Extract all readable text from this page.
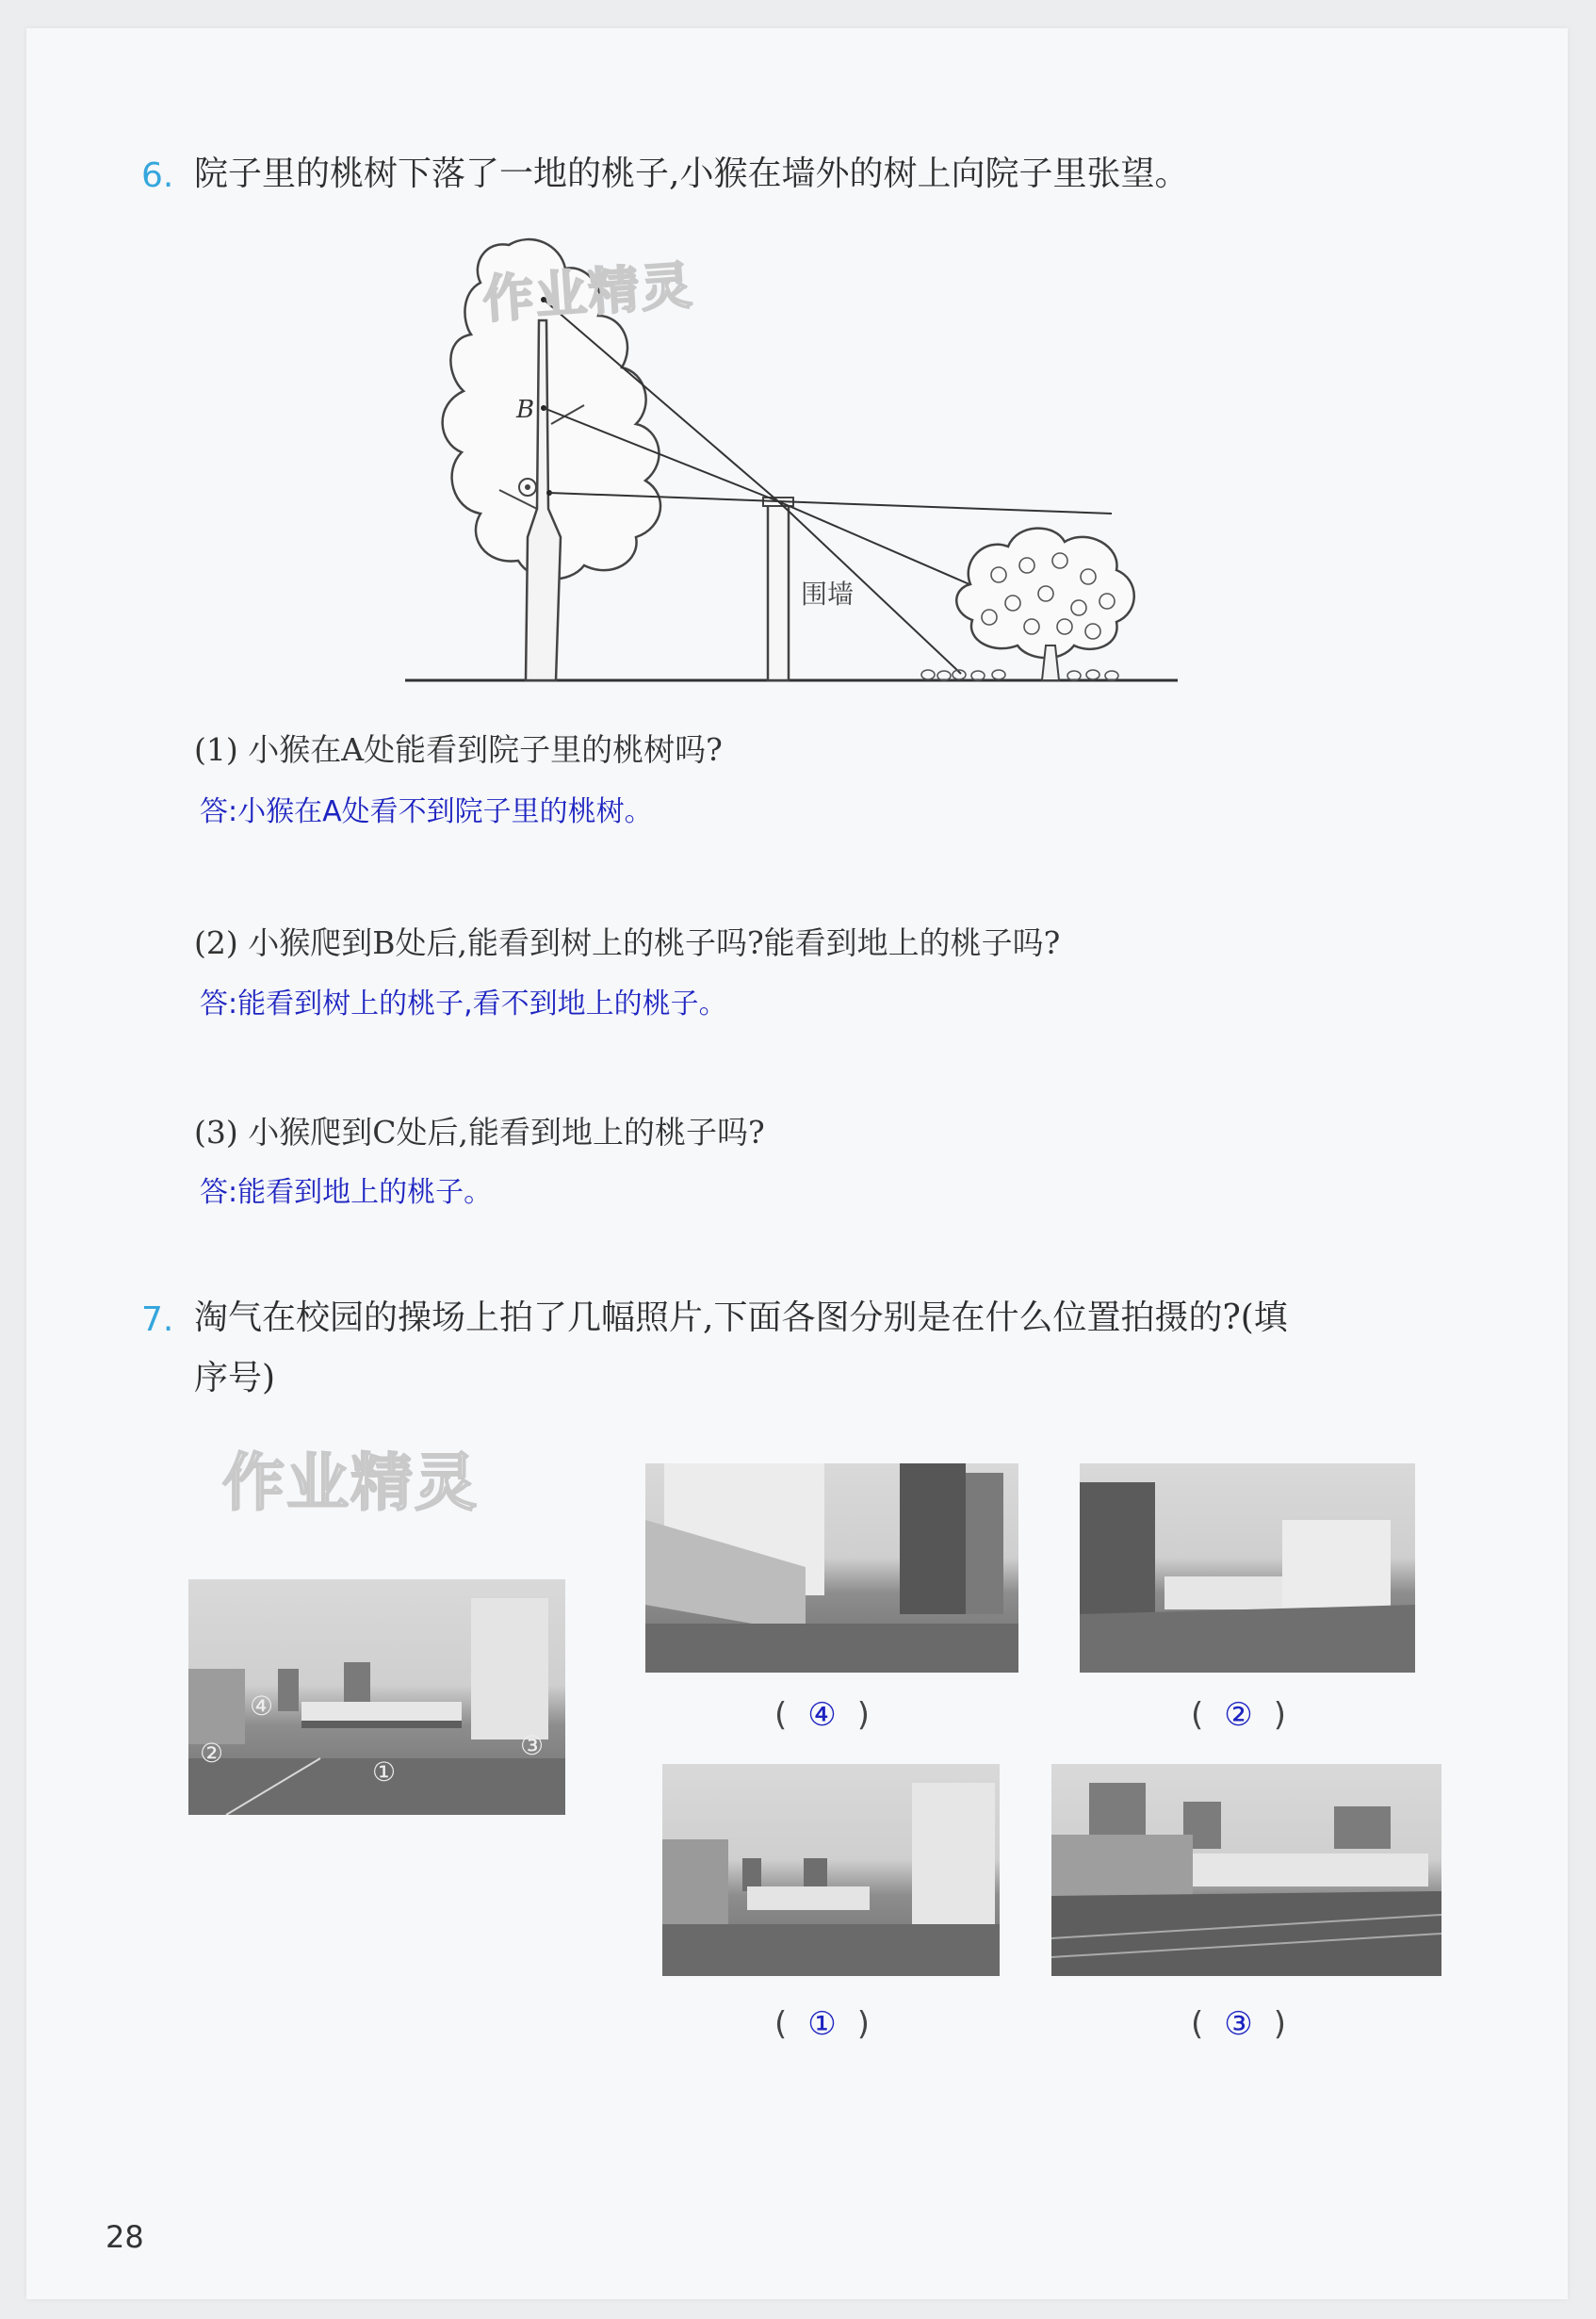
6. 院子里的桃树下落了一地的桃子,小猴在墙外的树上向院子里张望。
B
围墙
作业精灵
(1) 小猴在A处能看到院子里的桃树吗?
答:小猴在A处看不到院子里的桃树。
(2) 小猴爬到B处后,能看到树上的桃子吗?能看到地上的桃子吗?
答:能看到树上的桃子,看不到地上的桃子。
(3) 小猴爬到C处后,能看到地上的桃子吗?
答:能看到地上的桃子。
7. 淘气在校园的操场上拍了几幅照片,下面各图分别是在什么位置拍摄的?(填
序号)
作业精灵
④
②
①
③
( ④ )	( ② )
( ① )	( ③ )
28
